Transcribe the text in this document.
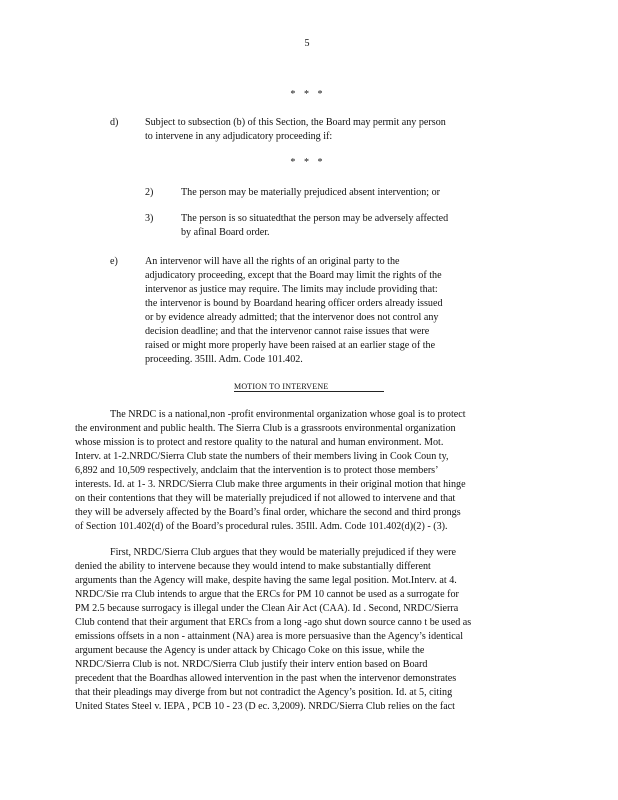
5
* * *
d)	Subject to subsection (b) of this Section, the Board may permit any person
to intervene in any adjudicatory proceeding if:
* * *
2)	The person may be materially prejudiced absent intervention; or
3)	The person is so situatedthat the person may be adversely affected
by afinal Board order.
e)	An intervenor will have all the rights of an original party to the
adjudicatory proceeding, except that the Board may limit the rights of the
intervenor as justice may require. The limits may include providing that:
the intervenor is bound by Boardand hearing officer orders already issued
or by evidence already admitted; that the intervenor does not control any
decision deadline; and that the intervenor cannot raise issues that were
raised or might more properly have been raised at an earlier stage of the
proceeding. 35Ill. Adm. Code 101.402.
MOTION TO INTERVENE
The NRDC is a national,non -profit environmental organization whose goal is to protect
the environment and public health. The Sierra Club is a grassroots environmental organization
whose mission is to protect and restore quality to the natural and human environment. Mot.
Interv. at 1-2.NRDC/Sierra Club state the numbers of their members living in Cook Coun ty,
6,892 and 10,509 respectively, andclaim that the intervention is to protect those members’
interests. Id. at 1- 3. NRDC/Sierra Club make three arguments in their original motion that hinge
on their contentions that they will be materially prejudiced if not allowed to intervene and that
they will be adversely affected by the Board’s final order, whichare the second and third prongs
of Section 101.402(d) of the Board’s procedural rules. 35Ill. Adm. Code 101.402(d)(2) - (3).
First, NRDC/Sierra Club argues that they would be materially prejudiced if they were
denied the ability to intervene because they would intend to make substantially different
arguments than the Agency will make, despite having the same legal position. Mot.Interv. at 4.
NRDC/Sie rra Club intends to argue that the ERCs for PM 10 cannot be used as a surrogate for
PM 2.5 because surrogacy is illegal under the Clean Air Act (CAA). Id . Second, NRDC/Sierra
Club contend that their argument that ERCs from a long -ago shut down source canno t be used as
emissions offsets in a non - attainment (NA) area is more persuasive than the Agency’s identical
argument because the Agency is under attack by Chicago Coke on this issue, while the
NRDC/Sierra Club is not. NRDC/Sierra Club justify their interv ention based on Board
precedent that the Boardhas allowed intervention in the past when the intervenor demonstrates
that their pleadings may diverge from but not contradict the Agency’s position. Id. at 5, citing
United States Steel v. IEPA , PCB 10 - 23 (D ec. 3,2009). NRDC/Sierra Club relies on the fact
